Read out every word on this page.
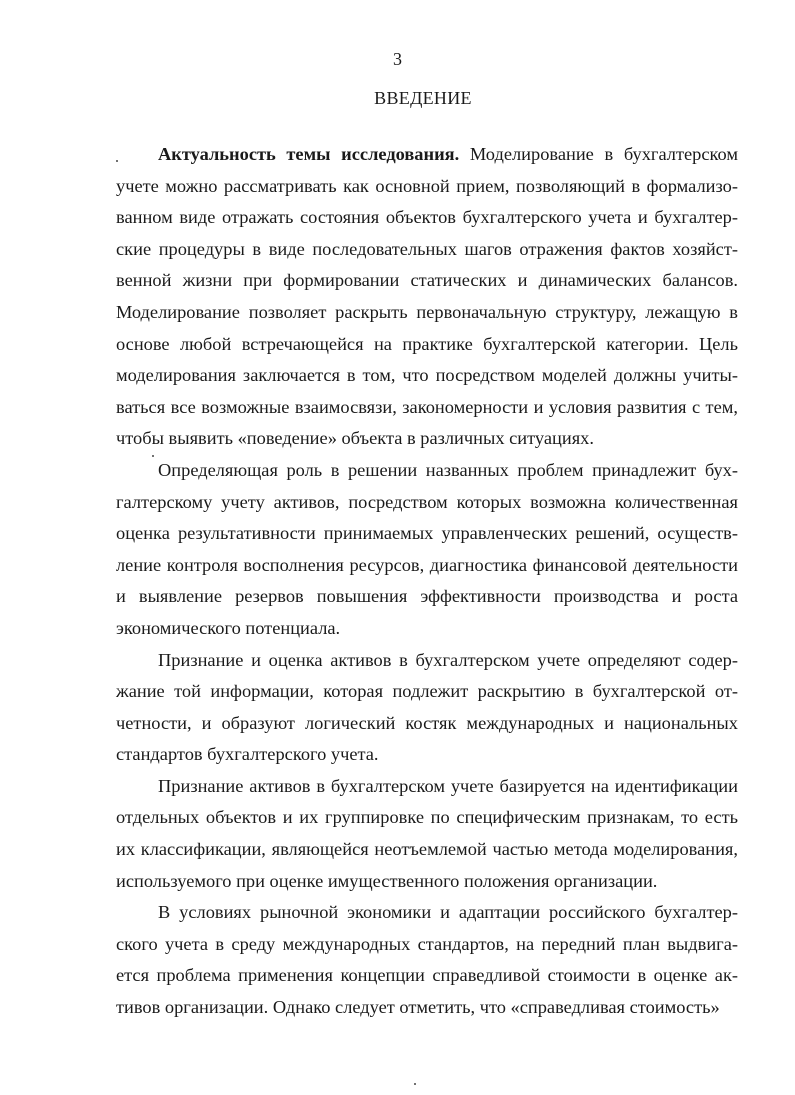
3
ВВЕДЕНИЕ

Актуальность темы исследования. Моделирование в бухгалтерском учете можно рассматривать как основной прием, позволяющий в формализованном виде отражать состояния объектов бухгалтерского учета и бухгалтерские процедуры в виде последовательных шагов отражения фактов хозяйственной жизни при формировании статических и динамических балансов. Моделирование позволяет раскрыть первоначальную структуру, лежащую в основе любой встречающейся на практике бухгалтерской категории. Цель моделирования заключается в том, что посредством моделей должны учитываться все возможные взаимосвязи, закономерности и условия развития с тем, чтобы выявить «поведение» объекта в различных ситуациях.

Определяющая роль в решении названных проблем принадлежит бухгалтерскому учету активов, посредством которых возможна количественная оценка результативности принимаемых управленческих решений, осуществление контроля восполнения ресурсов, диагностика финансовой деятельности и выявление резервов повышения эффективности производства и роста экономического потенциала.

Признание и оценка активов в бухгалтерском учете определяют содержание той информации, которая подлежит раскрытию в бухгалтерской отчетности, и образуют логический костяк международных и национальных стандартов бухгалтерского учета.

Признание активов в бухгалтерском учете базируется на идентификации отдельных объектов и их группировке по специфическим признакам, то есть их классификации, являющейся неотъемлемой частью метода моделирования, используемого при оценке имущественного положения организации.

В условиях рыночной экономики и адаптации российского бухгалтерского учета в среду международных стандартов, на передний план выдвигается проблема применения концепции справедливой стоимости в оценке активов организации. Однако следует отметить, что «справедливая стоимость»
